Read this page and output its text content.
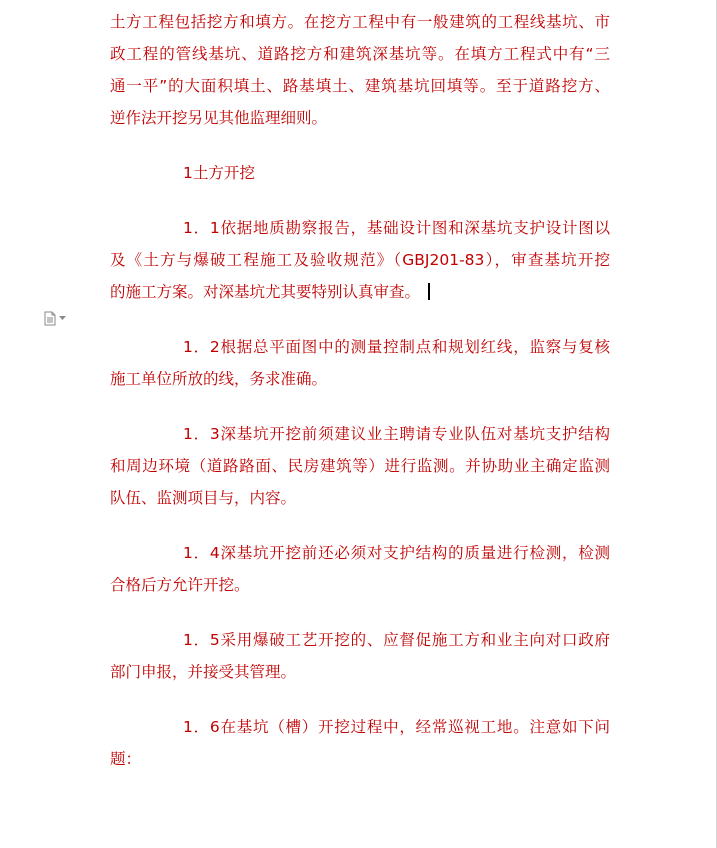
土方工程包括挖方和填方。在挖方工程中有一般建筑的工程线基坑、市
政工程的管线基坑、道路挖方和建筑深基坑等。在填方工程式中有“三
通一平”的大面积填土、路基填土、建筑基坑回填等。至于道路挖方、
逆作法开挖另见其他监理细则。
1土方开挖
1．1依据地质勘察报告，基础设计图和深基坑支护设计图以
及《土方与爆破工程施工及验收规范》（GBJ201-83），审查基坑开挖
的施工方案。对深基坑尤其要特别认真审查。
1．2根据总平面图中的测量控制点和规划红线，监察与复核
施工单位所放的线，务求准确。
1．3深基坑开挖前须建议业主聘请专业队伍对基坑支护结构
和周边环境（道路路面、民房建筑等）进行监测。并协助业主确定监测
队伍、监测项目与，内容。
1．4深基坑开挖前还必须对支护结构的质量进行检测，检测
合格后方允许开挖。
1．5采用爆破工艺开挖的、应督促施工方和业主向对口政府
部门申报，并接受其管理。
1．6在基坑（槽）开挖过程中，经常巡视工地。注意如下问
题：
